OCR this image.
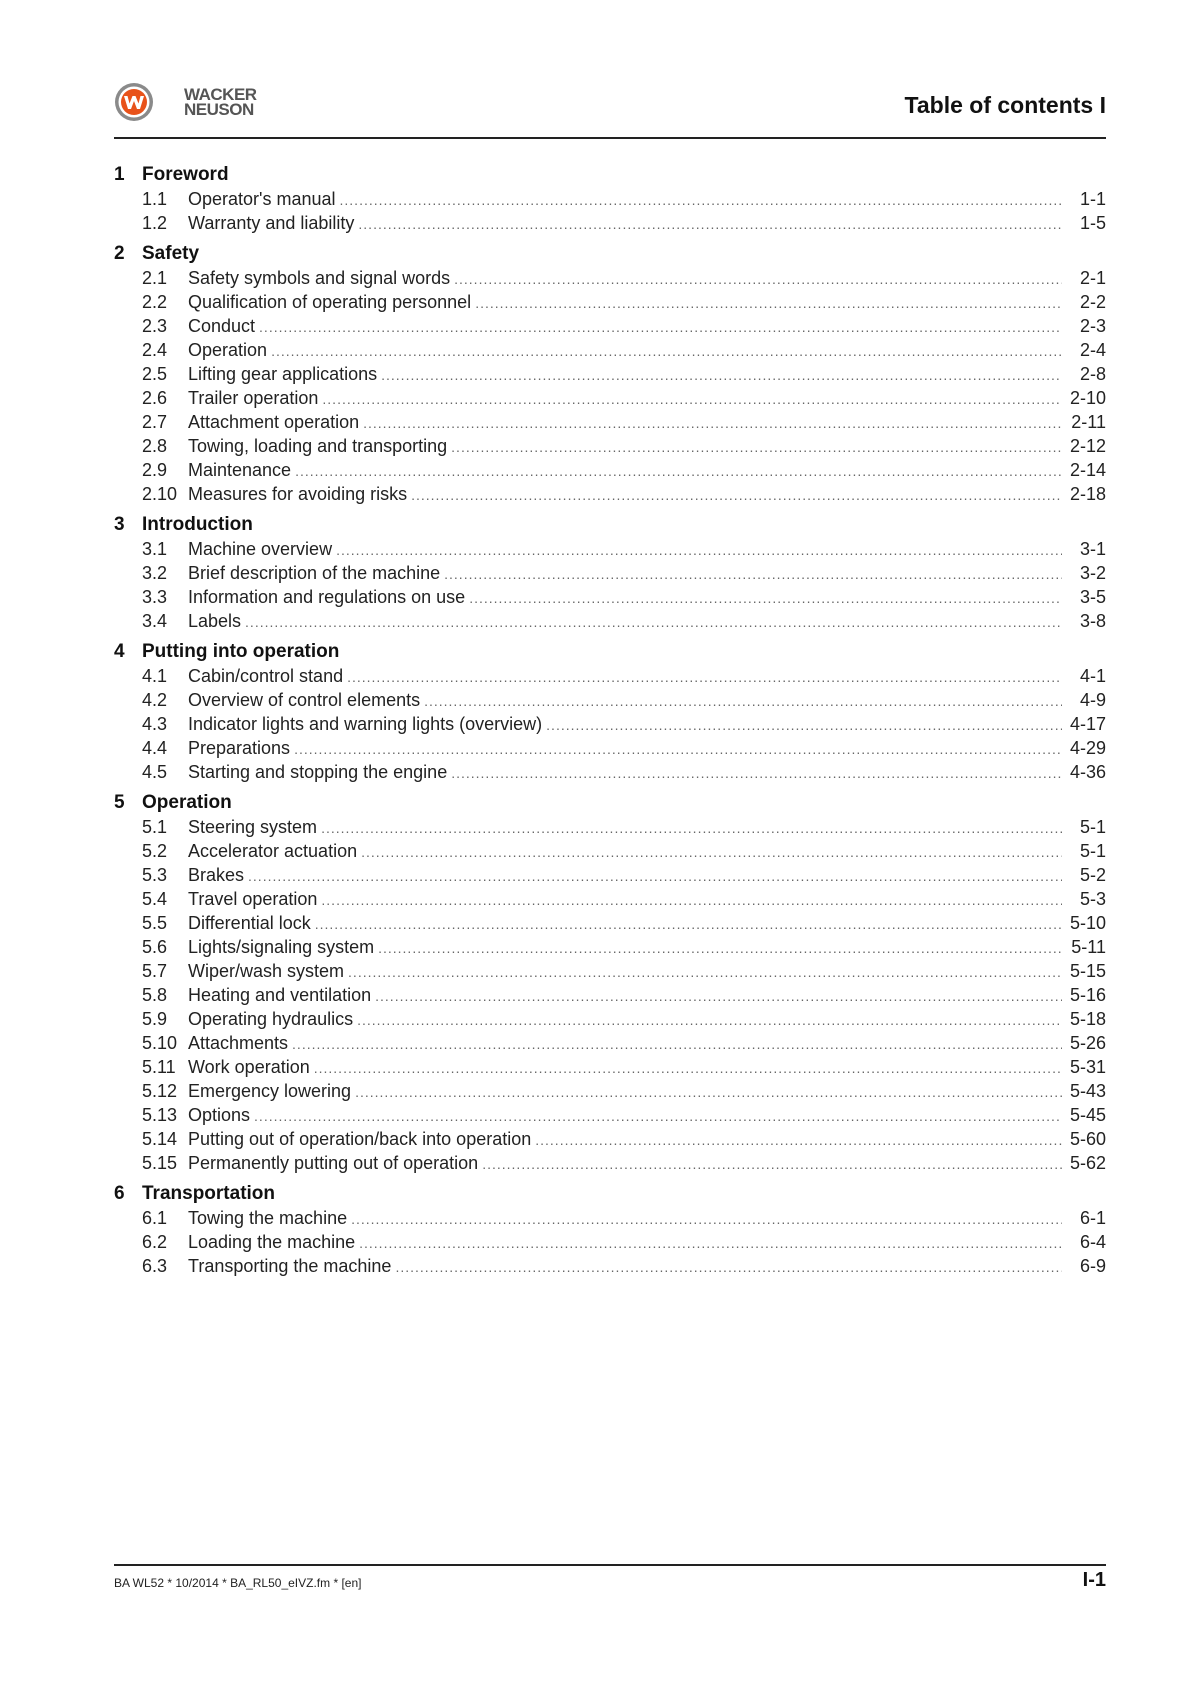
WACKER
NEUSON	Table of contents I
1 Foreword
1.1	Operator's manual .....	1-1
1.2	Warranty and liability .....	1-5
2 Safety
2.1	Safety symbols and signal words .....	2-1
2.2	Qualification of operating personnel .....	2-2
2.3	Conduct .....	2-3
2.4	Operation .....	2-4
2.5	Lifting gear applications .....	2-8
2.6	Trailer operation .....	2-10
2.7	Attachment operation .....	2-11
2.8	Towing, loading and transporting .....	2-12
2.9	Maintenance .....	2-14
2.10 Measures for avoiding risks .....	2-18
3 Introduction
3.1	Machine overview .....	3-1
3.2	Brief description of the machine .....	3-2
3.3	Information and regulations on use .....	3-5
3.4	Labels .....	3-8
4 Putting into operation
4.1	Cabin/control stand .....	4-1
4.2	Overview of control elements .....	4-9
4.3	Indicator lights and warning lights (overview) .....	4-17
4.4	Preparations .....	4-29
4.5	Starting and stopping the engine .....	4-36
5 Operation
5.1	Steering system .....	5-1
5.2	Accelerator actuation .....	5-1
5.3	Brakes .....	5-2
5.4	Travel operation .....	5-3
5.5	Differential lock .....	5-10
5.6	Lights/signaling system .....	5-11
5.7	Wiper/wash system .....	5-15
5.8	Heating and ventilation .....	5-16
5.9	Operating hydraulics .....	5-18
5.10 Attachments .....	5-26
5.11 Work operation .....	5-31
5.12 Emergency lowering .....	5-43
5.13 Options .....	5-45
5.14 Putting out of operation/back into operation .....	5-60
5.15 Permanently putting out of operation .....	5-62
6 Transportation
6.1	Towing the machine .....	6-1
6.2	Loading the machine .....	6-4
6.3	Transporting the machine .....	6-9
BA WL52 * 10/2014 * BA_RL50_eIVZ.fm * [en]	I-1
